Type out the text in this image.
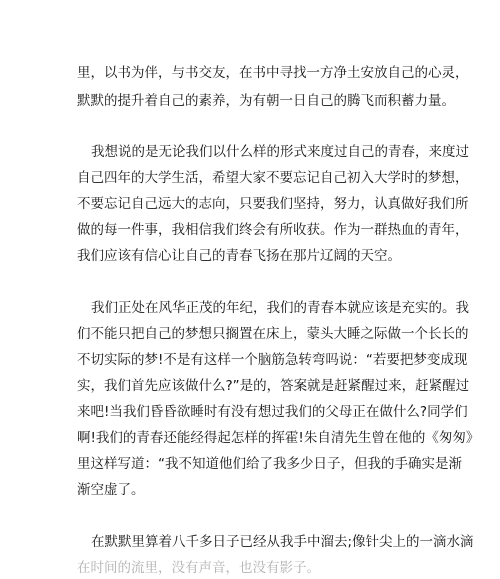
里，以书为伴，与书交友，在书中寻找一方净土安放自己的心灵，
默默的提升着自己的素养，为有朝一日自己的腾飞而积蓄力量。
我想说的是无论我们以什么样的形式来度过自己的青春，来度过
自己四年的大学生活，希望大家不要忘记自己初入大学时的梦想，
不要忘记自己远大的志向，只要我们坚持，努力，认真做好我们所
做的每一件事，我相信我们终会有所收获。作为一群热血的青年，
我们应该有信心让自己的青春飞扬在那片辽阔的天空。
我们正处在风华正茂的年纪，我们的青春本就应该是充实的。我
们不能只把自己的梦想只搁置在床上，蒙头大睡之际做一个长长的
不切实际的梦!不是有这样一个脑筋急转弯吗说：“若要把梦变成现
实，我们首先应该做什么?”是的，答案就是赶紧醒过来，赶紧醒过
来吧!当我们昏昏欲睡时有没有想过我们的父母正在做什么?同学们
啊!我们的青春还能经得起怎样的挥霍!朱自清先生曾在他的《匆匆》
里这样写道：“我不知道他们给了我多少日子，但我的手确实是渐
渐空虚了。
在默默里算着八千多日子已经从我手中溜去;像针尖上的一滴水滴
在时间的流里，没有声音，也没有影子。
